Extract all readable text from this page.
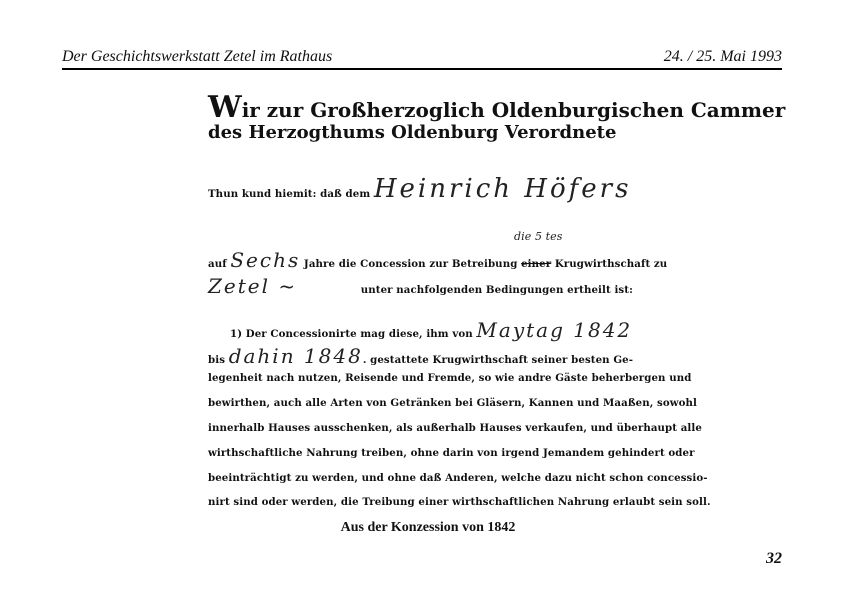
Der Geschichtswerkstatt Zetel im Rathaus	24. / 25. Mai 1993
Wir zur Großherzoglich Oldenburgischen Cammer
des Herzogthums Oldenburg Verordnete
Thun kund hiemit: daß dem Heinrich Höfers
die 5 tes
auf Sechs Jahre die Concession zur Betreibung einer Krugwirthschaft zu
Zetel ~	unter nachfolgenden Bedingungen ertheilt ist:
1) Der Concessionirte mag diese, ihm von Maytag 1842
bis dahin 1848. gestattete Krugwirthschaft seiner besten Ge-
legenheit nach nutzen, Reisende und Fremde, so wie andre Gäste beherbergen und
bewirthen, auch alle Arten von Getränken bei Gläsern, Kannen und Maaßen, sowohl
innerhalb Hauses ausschenken, als außerhalb Hauses verkaufen, und überhaupt alle
wirthschaftliche Nahrung treiben, ohne darin von irgend Jemandem gehindert oder
beeinträchtigt zu werden, und ohne daß Anderen, welche dazu nicht schon concessio-
nirt sind oder werden, die Treibung einer wirthschaftlichen Nahrung erlaubt sein soll.
Aus der Konzession von 1842
32
